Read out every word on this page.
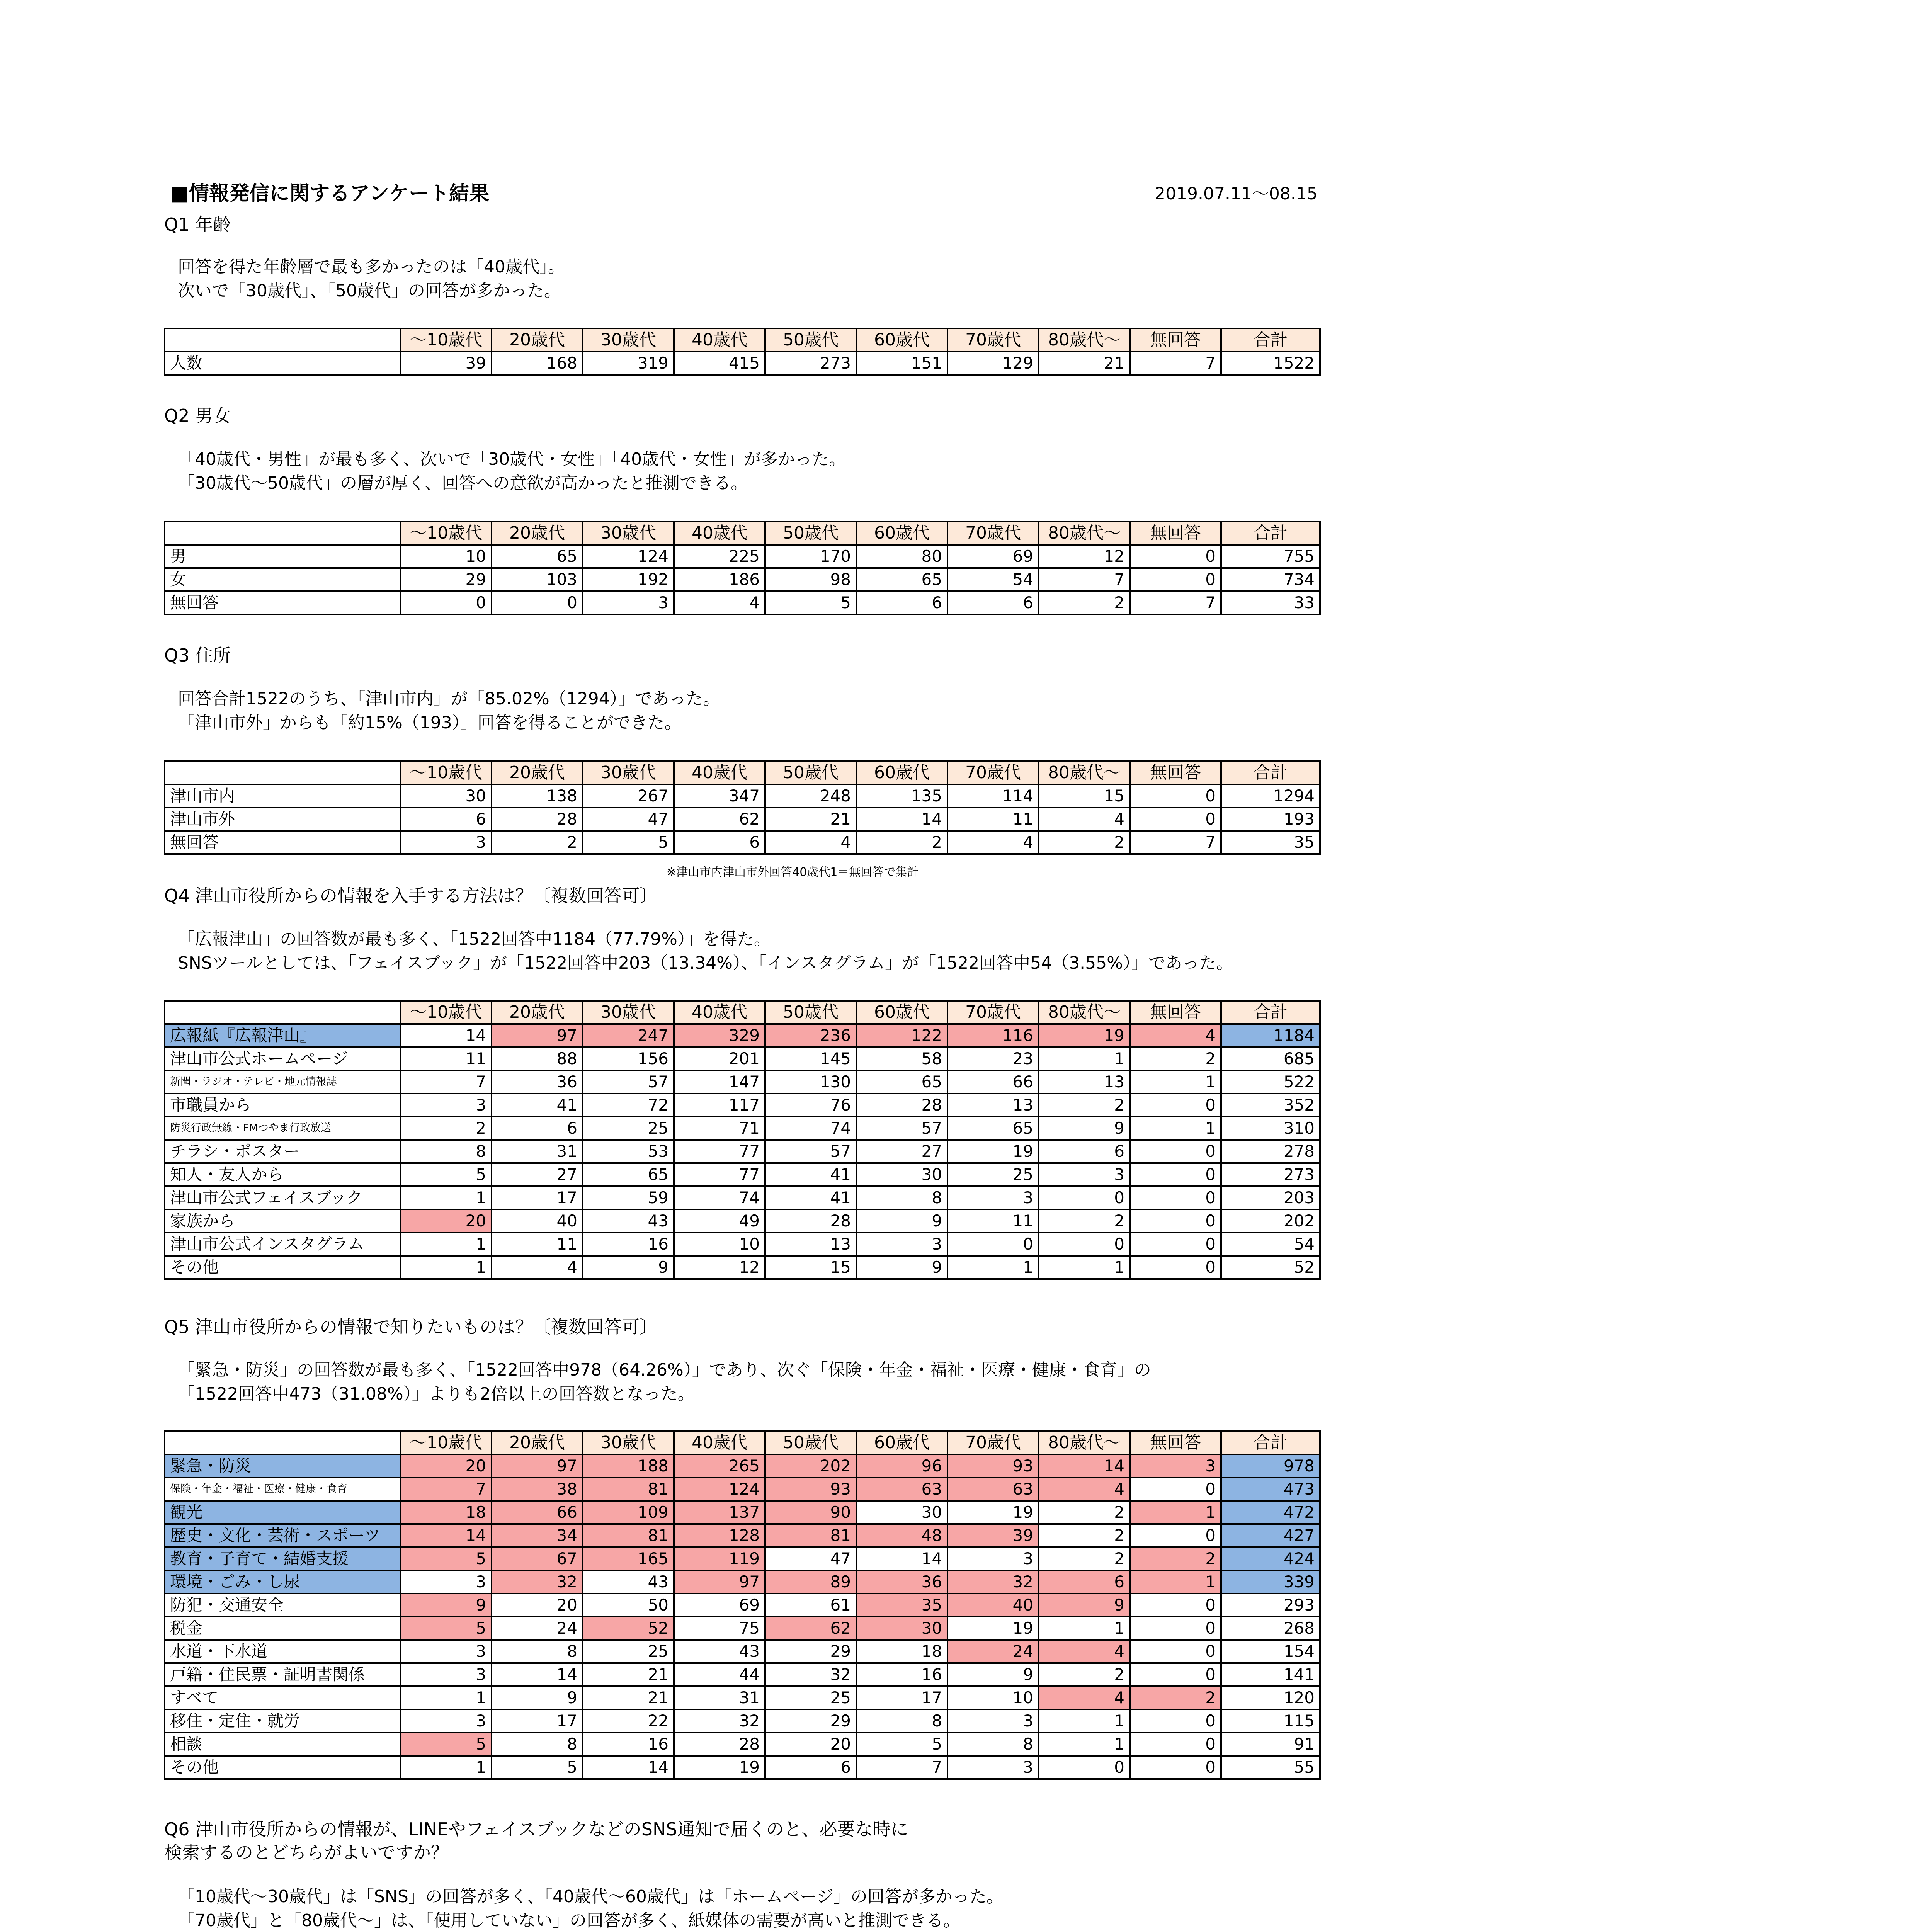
■情報発信に関するアンケート結果	2019.07.11～08.15
Q1 年齢
回答を得た年齢層で最も多かったのは「40歳代」。
次いで「30歳代」、「50歳代」の回答が多かった。
	～10歳代	20歳代	30歳代	40歳代	50歳代	60歳代	70歳代	80歳代～	無回答	合計
人数	39	168	319	415	273	151	129	21	7	1522
Q2 男女
「40歳代・男性」が最も多く、次いで「30歳代・女性」「40歳代・女性」が多かった。
「30歳代～50歳代」の層が厚く、回答への意欲が高かったと推測できる。
	～10歳代	20歳代	30歳代	40歳代	50歳代	60歳代	70歳代	80歳代～	無回答	合計
男	10	65	124	225	170	80	69	12	0	755
女	29	103	192	186	98	65	54	7	0	734
無回答	0	0	3	4	5	6	6	2	7	33
Q3 住所
回答合計1522のうち、「津山市内」が「85.02%（1294）」であった。
「津山市外」からも「約15%（193）」回答を得ることができた。
	～10歳代	20歳代	30歳代	40歳代	50歳代	60歳代	70歳代	80歳代～	無回答	合計
津山市内	30	138	267	347	248	135	114	15	0	1294
津山市外	6	28	47	62	21	14	11	4	0	193
無回答	3	2	5	6	4	2	4	2	7	35
※津山市内津山市外回答40歳代1＝無回答で集計
Q4 津山市役所からの情報を入手する方法は？〔複数回答可〕
「広報津山」の回答数が最も多く、「1522回答中1184（77.79%）」を得た。
SNSツールとしては、「フェイスブック」が「1522回答中203（13.34%）、「インスタグラム」が「1522回答中54（3.55%）」であった。
	～10歳代	20歳代	30歳代	40歳代	50歳代	60歳代	70歳代	80歳代～	無回答	合計
広報紙『広報津山』	14	97	247	329	236	122	116	19	4	1184
津山市公式ホームページ	11	88	156	201	145	58	23	1	2	685
新聞・ラジオ・テレビ・地元情報誌	7	36	57	147	130	65	66	13	1	522
市職員から	3	41	72	117	76	28	13	2	0	352
防災行政無線・FMつやま行政放送	2	6	25	71	74	57	65	9	1	310
チラシ・ポスター	8	31	53	77	57	27	19	6	0	278
知人・友人から	5	27	65	77	41	30	25	3	0	273
津山市公式フェイスブック	1	17	59	74	41	8	3	0	0	203
家族から	20	40	43	49	28	9	11	2	0	202
津山市公式インスタグラム	1	11	16	10	13	3	0	0	0	54
その他	1	4	9	12	15	9	1	1	0	52
Q5 津山市役所からの情報で知りたいものは？〔複数回答可〕
「緊急・防災」の回答数が最も多く、「1522回答中978（64.26%）」であり、次ぐ「保険・年金・福祉・医療・健康・食育」の
「1522回答中473（31.08%）」よりも2倍以上の回答数となった。
	～10歳代	20歳代	30歳代	40歳代	50歳代	60歳代	70歳代	80歳代～	無回答	合計
緊急・防災	20	97	188	265	202	96	93	14	3	978
保険・年金・福祉・医療・健康・食育	7	38	81	124	93	63	63	4	0	473
観光	18	66	109	137	90	30	19	2	1	472
歴史・文化・芸術・スポーツ	14	34	81	128	81	48	39	2	0	427
教育・子育て・結婚支援	5	67	165	119	47	14	3	2	2	424
環境・ごみ・し尿	3	32	43	97	89	36	32	6	1	339
防犯・交通安全	9	20	50	69	61	35	40	9	0	293
税金	5	24	52	75	62	30	19	1	0	268
水道・下水道	3	8	25	43	29	18	24	4	0	154
戸籍・住民票・証明書関係	3	14	21	44	32	16	9	2	0	141
すべて	1	9	21	31	25	17	10	4	2	120
移住・定住・就労	3	17	22	32	29	8	3	1	0	115
相談	5	8	16	28	20	5	8	1	0	91
その他	1	5	14	19	6	7	3	0	0	55
Q6 津山市役所からの情報が、LINEやフェイスブックなどのSNS通知で届くのと、必要な時に
検索するのとどちらがよいですか？
「10歳代～30歳代」は「SNS」の回答が多く、「40歳代～60歳代」は「ホームページ」の回答が多かった。
「70歳代」と「80歳代～」は、「使用していない」の回答が多く、紙媒体の需要が高いと推測できる。
